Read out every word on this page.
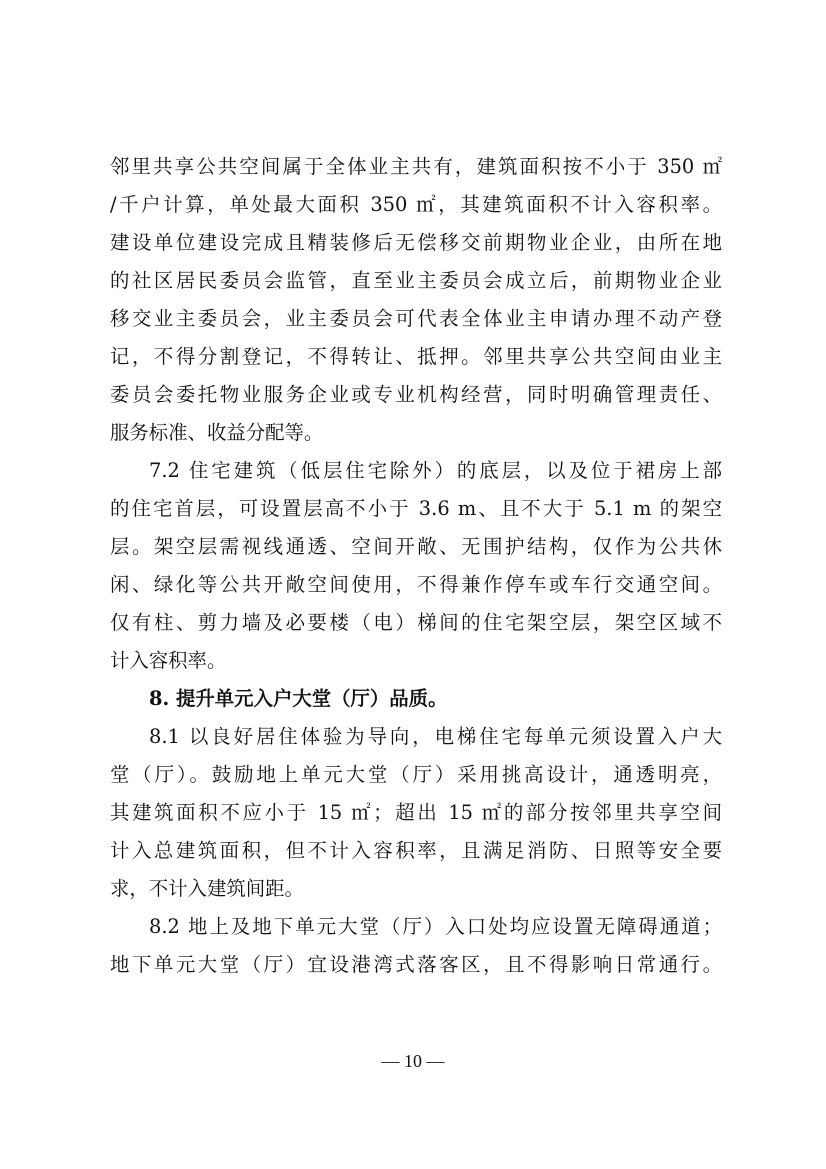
邻里共享公共空间属于全体业主共有，建筑面积按不小于 350 ㎡
/千户计算，单处最大面积 350 ㎡，其建筑面积不计入容积率。
建设单位建设完成且精装修后无偿移交前期物业企业，由所在地
的社区居民委员会监管，直至业主委员会成立后，前期物业企业
移交业主委员会，业主委员会可代表全体业主申请办理不动产登
记，不得分割登记，不得转让、抵押。邻里共享公共空间由业主
委员会委托物业服务企业或专业机构经营，同时明确管理责任、
服务标准、收益分配等。
7.2 住宅建筑（低层住宅除外）的底层，以及位于裙房上部
的住宅首层，可设置层高不小于 3.6 m、且不大于 5.1 m 的架空
层。架空层需视线通透、空间开敞、无围护结构，仅作为公共休
闲、绿化等公共开敞空间使用，不得兼作停车或车行交通空间。
仅有柱、剪力墙及必要楼（电）梯间的住宅架空层，架空区域不
计入容积率。
8. 提升单元入户大堂（厅）品质。
8.1 以良好居住体验为导向，电梯住宅每单元须设置入户大
堂（厅）。鼓励地上单元大堂（厅）采用挑高设计，通透明亮，
其建筑面积不应小于 15 ㎡；超出 15 ㎡的部分按邻里共享空间
计入总建筑面积，但不计入容积率，且满足消防、日照等安全要
求，不计入建筑间距。
8.2 地上及地下单元大堂（厅）入口处均应设置无障碍通道；
地下单元大堂（厅）宜设港湾式落客区，且不得影响日常通行。
— 10 —
